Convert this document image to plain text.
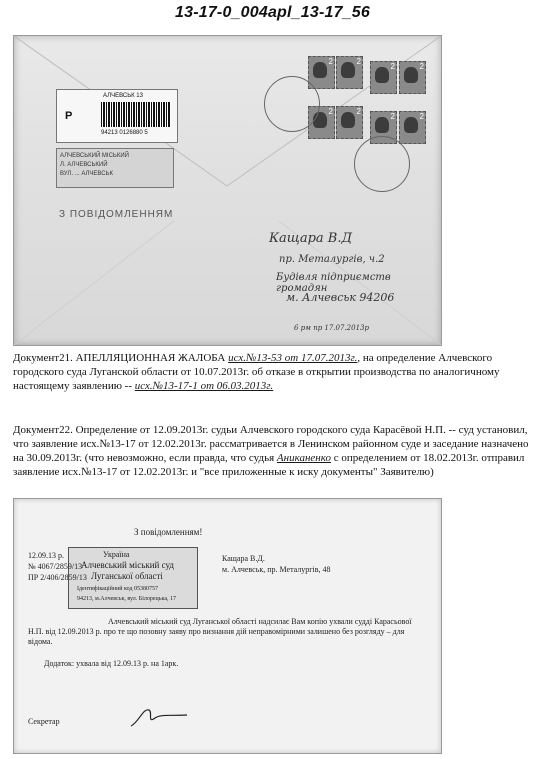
13-17-0_004apl_13-17_56
2	2
2	2
2	2
2	2
P
АЛЧЕВСЬК 13
94213 0126880 5
АЛЧЕВСЬКИЙ МІСЬКИЙ
Л. АЛЧЕВСЬКИЙ
ВУЛ. ... АЛЧЕВСЬК
З ПОВІДОМЛЕННЯМ
Кащара В.Д
пр. Металургів, ч.2
Будівля підприємств громадян
м. Алчевськ 94206
6 рм пр 17.07.2013р
Документ21. АПЕЛЛЯЦИОННАЯ ЖАЛОБА исх.№13-53 от 17.07.2013г., на определение Алчевского городского суда Луганской области от 10.07.2013г. об отказе в открытии производства по аналогичному настоящему заявлению -- исх.№13-17-1 от 06.03.2013г.
Документ22. Определение от 12.09.2013г. судьи Алчевского городского суда Карасёвой Н.П. -- суд установил, что заявление исх.№13-17 от 12.02.2013г. рассматривается в Ленинском районном суде и заседание назначено на 30.09.2013г. (что невозможно, если правда, что судья Аниканенко с определением от 18.02.2013г. отправил заявление исх.№13-17 от 12.02.2013г. и "все приложенные к иску документы" Заявителю)
З повідомленням!
Україна
Алчевський міський суд
Луганської області
Ідентифікаційний код 05380757
94213, м.Алчевськ, вул. Білорецька, 17
12.09.13 р.
№ 4067/2859/13
ПР 2/406/2859/13
Кащара В.Д.
м. Алчевськ, пр. Металургів, 48
Алчевський міський суд Луганської області надсилає Вам копію ухвали судді Карасьової Н.П. від 12.09.2013 р. про те що позовну заяву про визнання дій неправомірними залишено без розгляду – для відома.
Додаток: ухвала від 12.09.13 р. на 1арк.
Секретар
